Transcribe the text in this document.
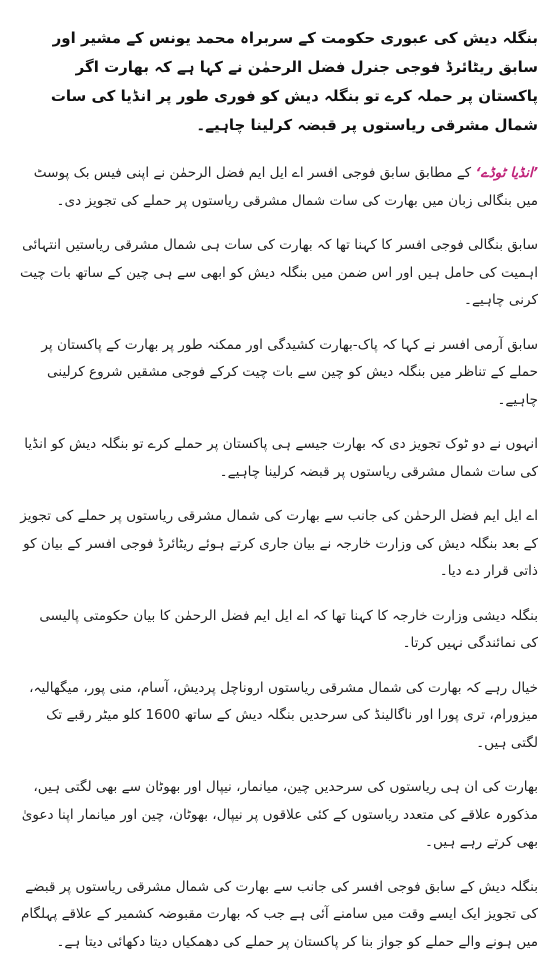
بنگلہ دیش کی عبوری حکومت کے سربراہ محمد یونس کے مشیر اور سابق ریٹائرڈ فوجی جنرل فضل الرحمٰن نے کہا ہے کہ بھارت اگر پاکستان پر حملہ کرے تو بنگلہ دیش کو فوری طور پر انڈیا کی سات شمال مشرقی ریاستوں پر قبضہ کرلینا چاہیے۔

’انڈیا ٹوڈے‘ کے مطابق سابق فوجی افسر اے ایل ایم فضل الرحمٰن نے اپنی فیس بک پوسٹ میں بنگالی زبان میں بھارت کی سات شمال مشرقی ریاستوں پر حملے کی تجویز دی۔

سابق بنگالی فوجی افسر کا کہنا تھا کہ بھارت کی سات ہی شمال مشرقی ریاستیں انتہائی اہمیت کی حامل ہیں اور اس ضمن میں بنگلہ دیش کو ابھی سے ہی چین کے ساتھ بات چیت کرنی چاہیے۔

سابق آرمی افسر نے کہا کہ پاک-بھارت کشیدگی اور ممکنہ طور پر بھارت کے پاکستان پر حملے کے تناظر میں بنگلہ دیش کو چین سے بات چیت کرکے فوجی مشقیں شروع کرلینی چاہیے۔

انہوں نے دو ٹوک تجویز دی کہ بھارت جیسے ہی پاکستان پر حملے کرے تو بنگلہ دیش کو انڈیا کی سات شمال مشرقی ریاستوں پر قبضہ کرلینا چاہیے۔

اے ایل ایم فضل الرحمٰن کی جانب سے بھارت کی شمال مشرقی ریاستوں پر حملے کی تجویز کے بعد بنگلہ دیش کی وزارت خارجہ نے بیان جاری کرتے ہوئے ریٹائرڈ فوجی افسر کے بیان کو ذاتی قرار دے دیا۔

بنگلہ دیشی وزارت خارجہ کا کہنا تھا کہ اے ایل ایم فضل الرحمٰن کا بیان حکومتی پالیسی کی نمائندگی نہیں کرتا۔

خیال رہے کہ بھارت کی شمال مشرقی ریاستوں اروناچل پردیش، آسام، منی پور، میگھالیہ، میزورام، تری پورا اور ناگالینڈ کی سرحدیں بنگلہ دیش کے ساتھ 1600 کلو میٹر رقبے تک لگتی ہیں۔

بھارت کی ان ہی ریاستوں کی سرحدیں چین، میانمار، نیپال اور بھوٹان سے بھی لگتی ہیں، مذکورہ علاقے کی متعدد ریاستوں کے کئی علاقوں پر نیپال، بھوٹان، چین اور میانمار اپنا دعویٰ بھی کرتے رہے ہیں۔

بنگلہ دیش کے سابق فوجی افسر کی جانب سے بھارت کی شمال مشرقی ریاستوں پر قبضے کی تجویز ایک ایسے وقت میں سامنے آئی ہے جب کہ بھارت مقبوضہ کشمیر کے علاقے پہلگام میں ہونے والے حملے کو جواز بنا کر پاکستان پر حملے کی دھمکیاں دیتا دکھائی دیتا ہے۔
